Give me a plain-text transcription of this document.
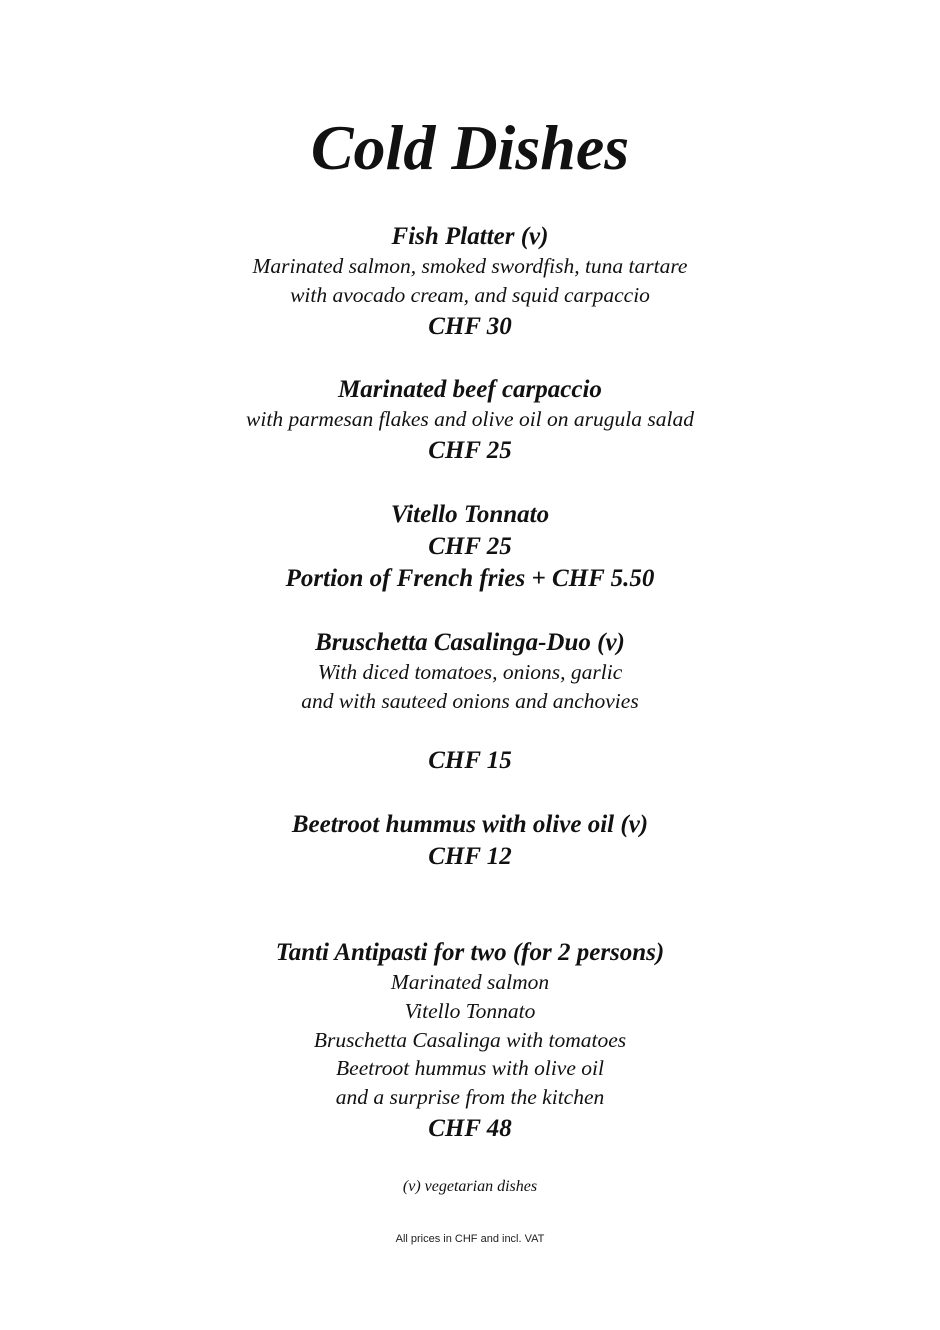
Cold Dishes
Fish Platter (v)
Marinated salmon, smoked swordfish, tuna tartare
with avocado cream, and squid carpaccio
CHF 30
Marinated beef carpaccio
with parmesan flakes and olive oil on arugula salad
CHF 25
Vitello Tonnato
CHF 25
Portion of French fries + CHF 5.50
Bruschetta Casalinga-Duo (v)
With diced tomatoes, onions, garlic
and with sauteed onions and anchovies
CHF 15
Beetroot hummus with olive oil (v)
CHF 12
Tanti Antipasti for two (for 2 persons)
Marinated salmon
Vitello Tonnato
Bruschetta Casalinga with tomatoes
Beetroot hummus with olive oil
and a surprise from the kitchen
CHF 48
(v) vegetarian dishes
All prices in CHF and incl. VAT
